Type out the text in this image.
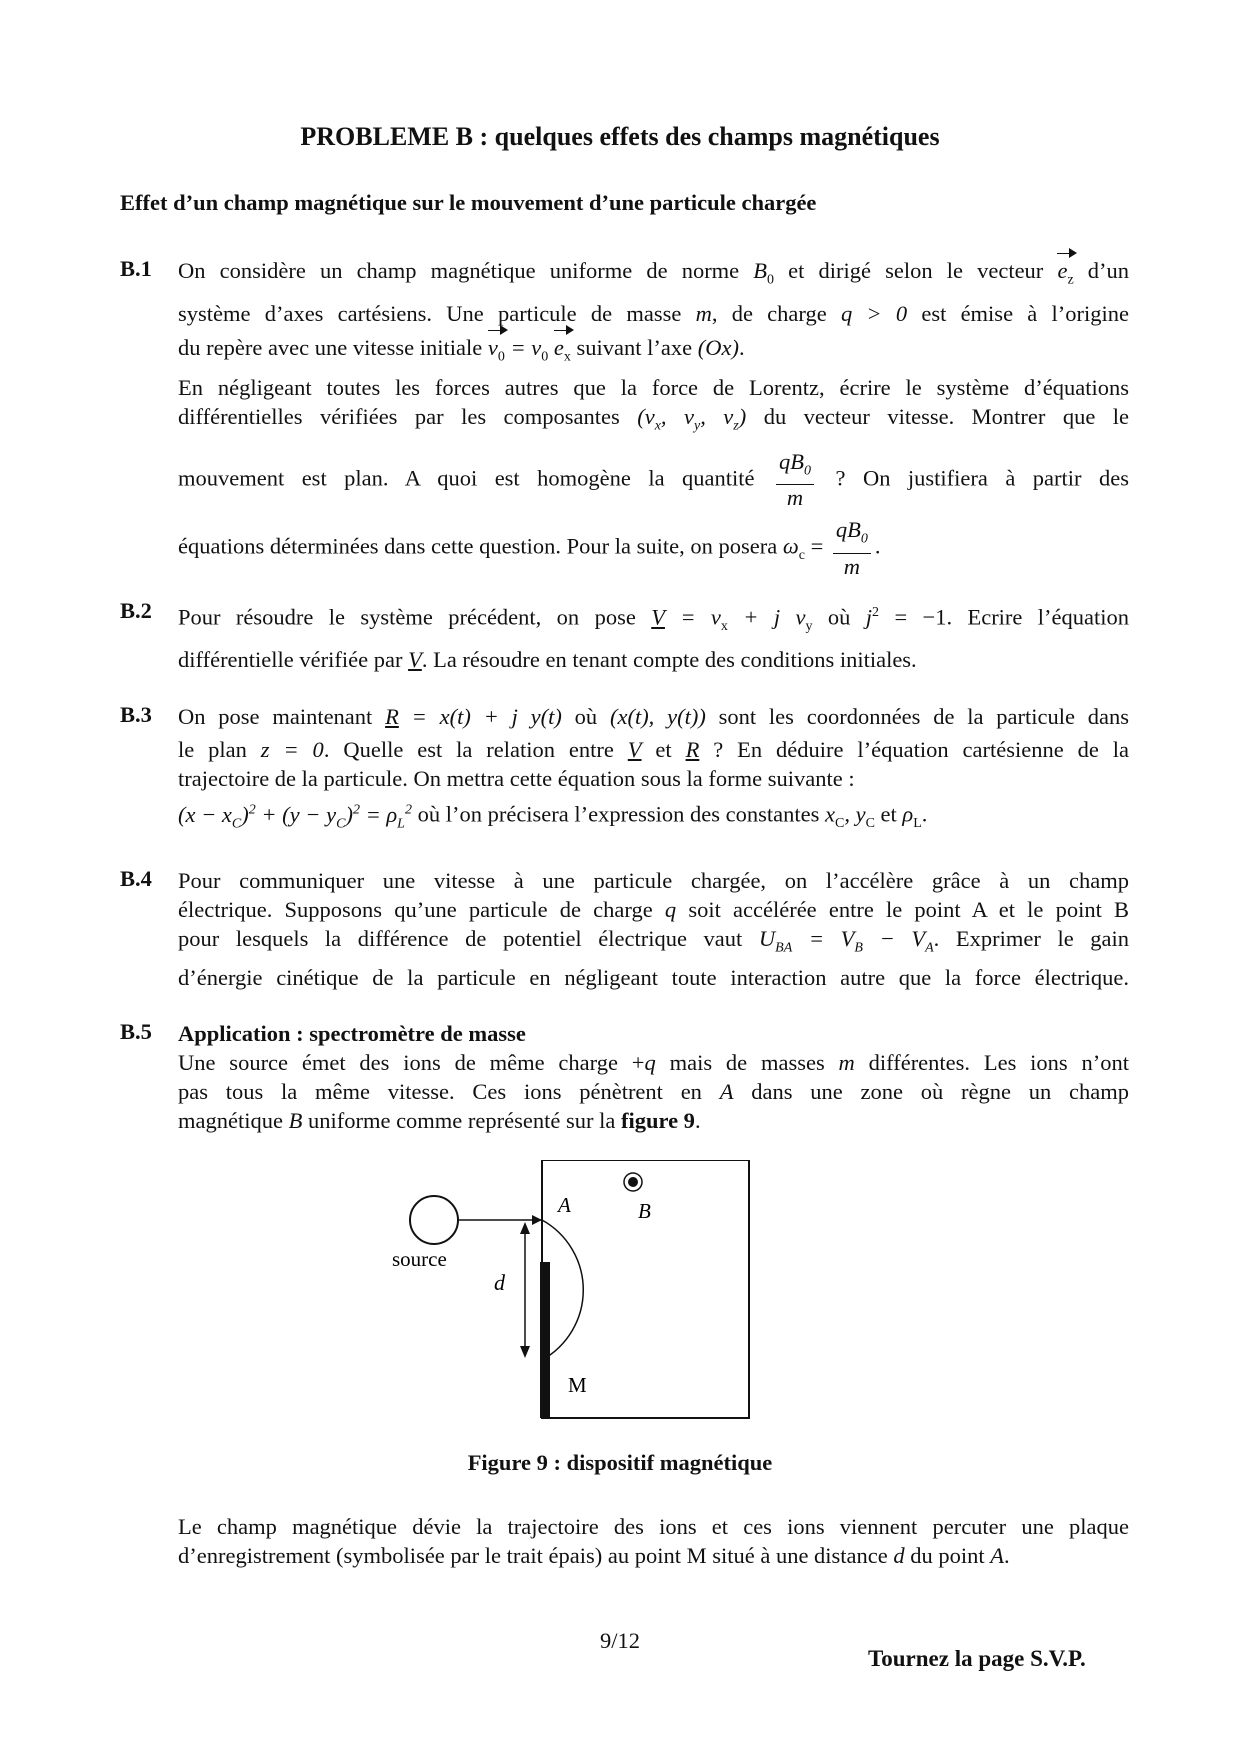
PROBLEME B : quelques effets des champs magnétiques
Effet d’un champ magnétique sur le mouvement d’une particule chargée
B.1 On considère un champ magnétique uniforme de norme $B_0$ et dirigé selon le vecteur $e_z$ d’un
système d’axes cartésiens. Une particule de masse m, de charge q > 0 est émise à l’origine
du repère avec une vitesse initiale $v_0 = v_0$ $e_x$ suivant l’axe (Ox).
En négligeant toutes les forces autres que la force de Lorentz, écrire le système d’équations
différentielles vérifiées par les composantes ($v_x$, $v_y$, $v_z$) du vecteur vitesse. Montrer que le
mouvement est plan. A quoi est homogène la quantité $\frac{qB_0}{m}$ ? On justifiera à partir des
équations déterminées dans cette question. Pour la suite, on posera $\omega_c = \frac{qB_0}{m}$ .
B.2 Pour résoudre le système précédent, on pose $V = v_x + j$ $v_y$ où $j^2 = -1$. Ecrire l’équation
différentielle vérifiée par V. La résoudre en tenant compte des conditions initiales.
B.3 On pose maintenant R = x(t) + j y(t) où (x(t), y(t)) sont les coordonnées de la particule dans
le plan z = 0. Quelle est la relation entre V et R ? En déduire l’équation cartésienne de la
trajectoire de la particule. On mettra cette équation sous la forme suivante :
$(x - x_C)^2 + (y - y_C)^2 = \rho_L^2$ où l’on précisera l’expression des constantes $x_C$, $y_C$ et $\rho_L$.
B.4 Pour communiquer une vitesse à une particule chargée, on l’accélère grâce à un champ
électrique. Supposons qu’une particule de charge q soit accélérée entre le point A et le point B
pour lesquels la différence de potentiel électrique vaut $U_{BA} = V_B - V_A$. Exprimer le gain
d’énergie cinétique de la particule en négligeant toute interaction autre que la force électrique.
B.5 Application : spectromètre de masse
Une source émet des ions de même charge +q mais de masses m différentes. Les ions n’ont
pas tous la même vitesse. Ces ions pénètrent en A dans une zone où règne un champ
magnétique B uniforme comme représenté sur la figure 9.
source
A	B
d
M
Figure 9 : dispositif magnétique
Le champ magnétique dévie la trajectoire des ions et ces ions viennent percuter une plaque
d’enregistrement (symbolisée par le trait épais) au point M situé à une distance d du point A.
9/12
Tournez la page S.V.P.
